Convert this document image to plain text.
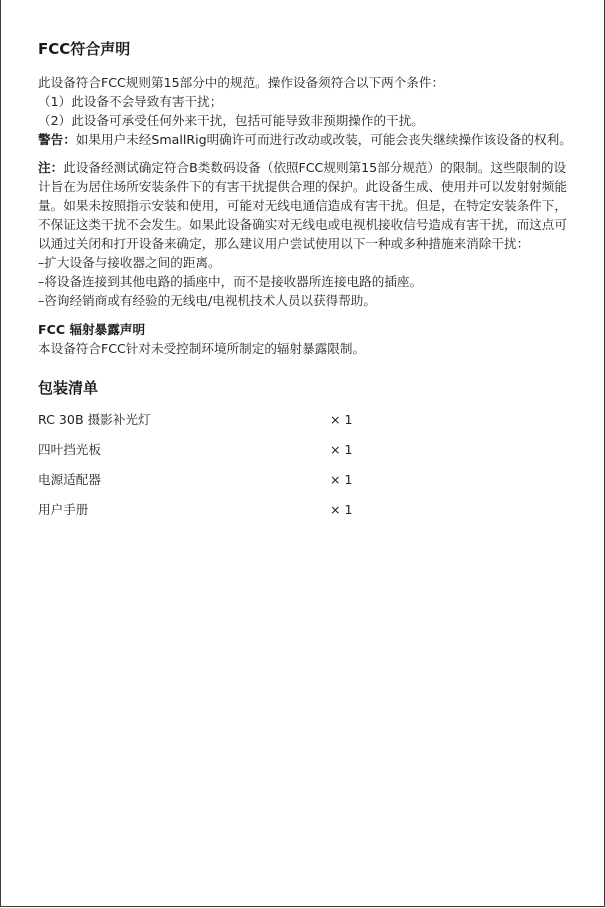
FCC符合声明

此设备符合FCC规则第15部分中的规范。操作设备须符合以下两个条件：

（1）此设备不会导致有害干扰；

（2）此设备可承受任何外来干扰，包括可能导致非预期操作的干扰。

警告：如果用户未经SmallRig明确许可而进行改动或改装，可能会丧失继续操作该设备的权利。

注：此设备经测试确定符合B类数码设备（依照FCC规则第15部分规范）的限制。这些限制的设计旨在为居住场所安装条件下的有害干扰提供合理的保护。此设备生成、使用并可以发射射频能量。如果未按照指示安装和使用，可能对无线电通信造成有害干扰。但是，在特定安装条件下，不保证这类干扰不会发生。如果此设备确实对无线电或电视机接收信号造成有害干扰，而这点可以通过关闭和打开设备来确定，那么建议用户尝试使用以下一种或多种措施来消除干扰：

–扩大设备与接收器之间的距离。

–将设备连接到其他电路的插座中，而不是接收器所连接电路的插座。

–咨询经销商或有经验的无线电/电视机技术人员以获得帮助。

FCC 辐射暴露声明

本设备符合FCC针对未受控制环境所制定的辐射暴露限制。

包装清单
RC 30B 摄影补光灯	× 1
四叶挡光板	× 1
电源适配器	× 1
用户手册	× 1
